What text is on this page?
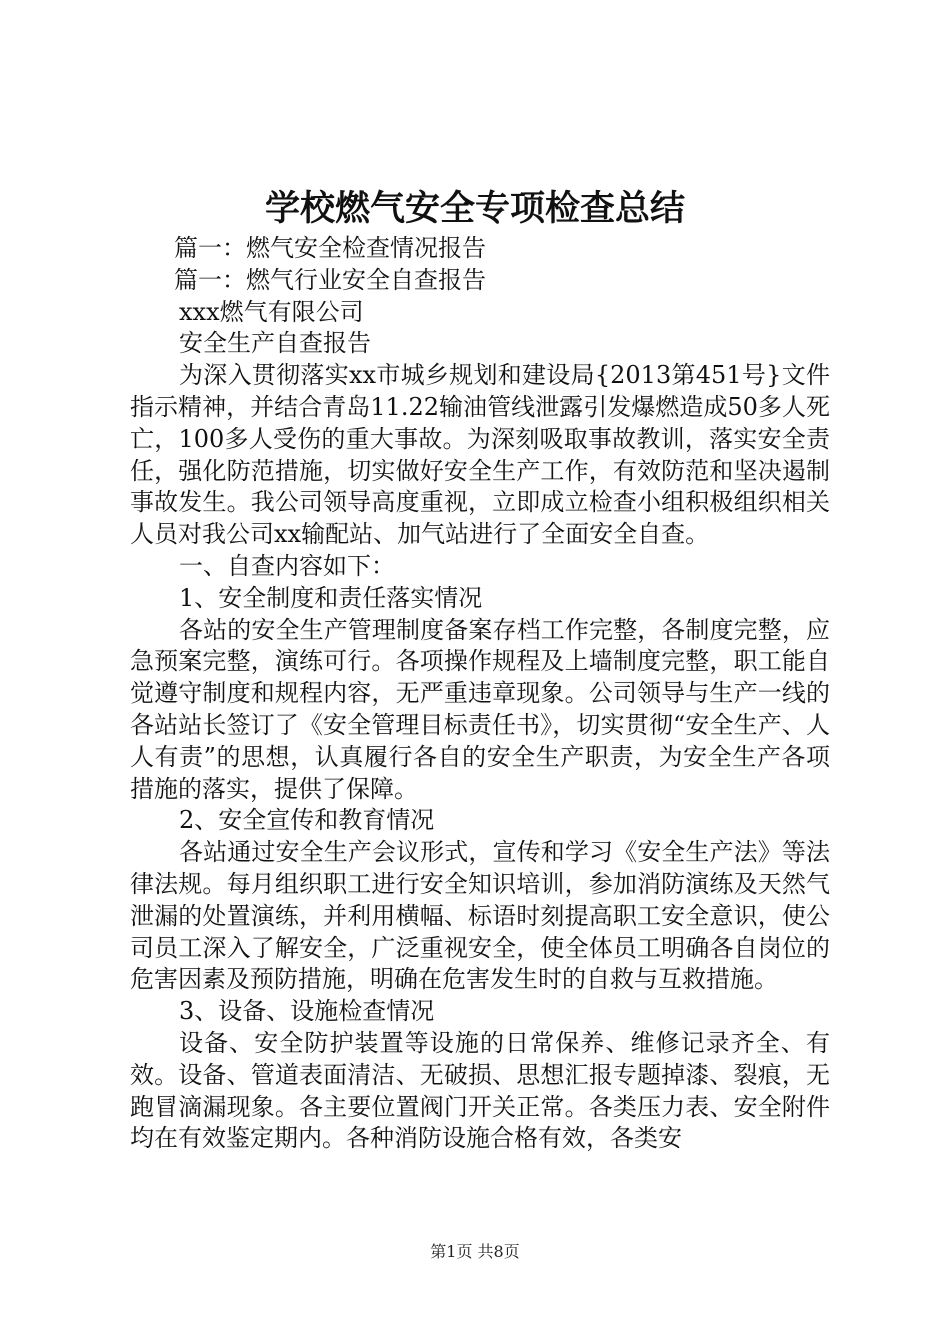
学校燃气安全专项检查总结

篇一：燃气安全检查情况报告

篇一：燃气行业安全自查报告

xxx燃气有限公司

安全生产自查报告

为深入贯彻落实xx市城乡规划和建设局{2013第451号}文件指示精神，并结合青岛11.22输油管线泄露引发爆燃造成50多人死亡，100多人受伤的重大事故。为深刻吸取事故教训，落实安全责任，强化防范措施，切实做好安全生产工作，有效防范和坚决遏制事故发生。我公司领导高度重视，立即成立检查小组积极组织相关人员对我公司xx输配站、加气站进行了全面安全自查。

一、自查内容如下：

1、安全制度和责任落实情况

各站的安全生产管理制度备案存档工作完整，各制度完整，应急预案完整，演练可行。各项操作规程及上墙制度完整，职工能自觉遵守制度和规程内容，无严重违章现象。公司领导与生产一线的各站站长签订了《安全管理目标责任书》，切实贯彻“安全生产、人人有责”的思想，认真履行各自的安全生产职责，为安全生产各项措施的落实，提供了保障。

2、安全宣传和教育情况

各站通过安全生产会议形式，宣传和学习《安全生产法》等法律法规。每月组织职工进行安全知识培训，参加消防演练及天然气泄漏的处置演练，并利用横幅、标语时刻提高职工安全意识，使公司员工深入了解安全，广泛重视安全，使全体员工明确各自岗位的危害因素及预防措施，明确在危害发生时的自救与互救措施。

3、设备、设施检查情况

设备、安全防护装置等设施的日常保养、维修记录齐全、有效。设备、管道表面清洁、无破损、思想汇报专题掉漆、裂痕，无跑冒滴漏现象。各主要位置阀门开关正常。各类压力表、安全附件均在有效鉴定期内。各种消防设施合格有效，各类安

第1页 共8页
